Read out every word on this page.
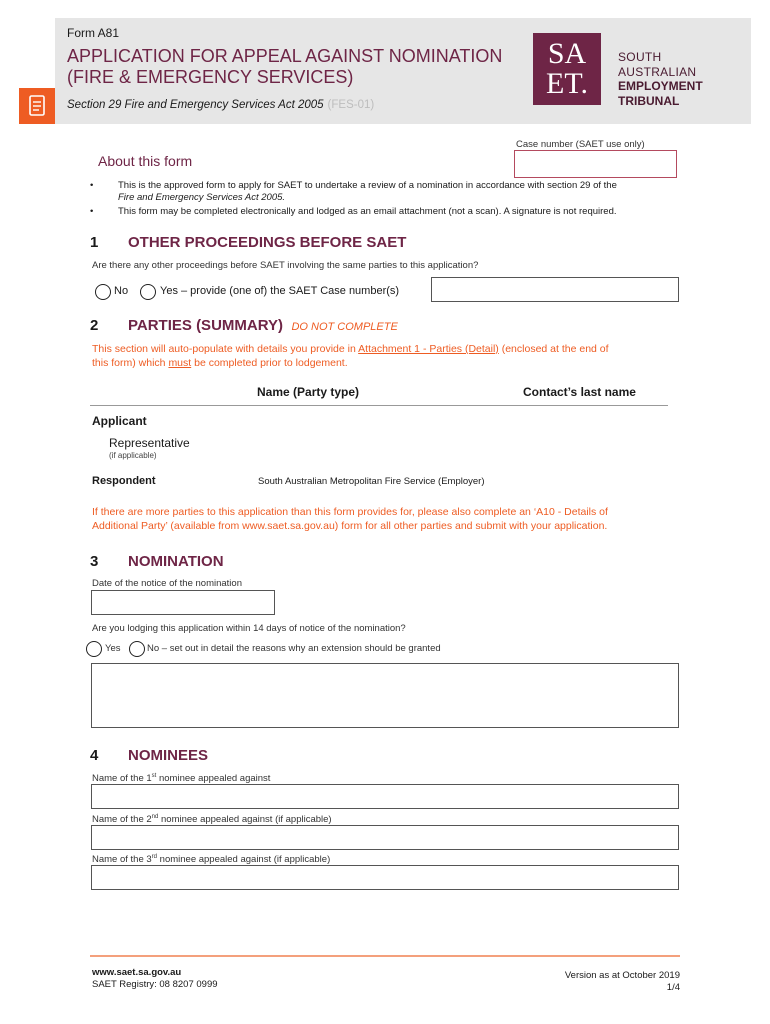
Form A81
APPLICATION FOR APPEAL AGAINST NOMINATION
(FIRE & EMERGENCY SERVICES)
Section 29 Fire and Emergency Services Act 2005 (FES-01)
SA
ET.
SOUTH
AUSTRALIAN
EMPLOYMENT
TRIBUNAL
Case number (SAET use only)
About this form
• This is the approved form to apply for SAET to undertake a review of a nomination in accordance with section 29 of the
Fire and Emergency Services Act 2005.
• This form may be completed electronically and lodged as an email attachment (not a scan). A signature is not required.
1 OTHER PROCEEDINGS BEFORE SAET
Are there any other proceedings before SAET involving the same parties to this application?
No	Yes – provide (one of) the SAET Case number(s)
2 PARTIES (SUMMARY) DO NOT COMPLETE
This section will auto-populate with details you provide in Attachment 1 - Parties (Detail) (enclosed at the end of
this form) which must be completed prior to lodgement.
Name (Party type)	Contact’s last name
Applicant
Representative
(if applicable)
Respondent	South Australian Metropolitan Fire Service (Employer)
If there are more parties to this application than this form provides for, please also complete an ‘A10 - Details of
Additional Party’ (available from www.saet.sa.gov.au) form for all other parties and submit with your application.
3 NOMINATION
Date of the notice of the nomination
Are you lodging this application within 14 days of notice of the nomination?
Yes	No – set out in detail the reasons why an extension should be granted
4 NOMINEES
Name of the 1st nominee appealed against
Name of the 2nd nominee appealed against (if applicable)
Name of the 3rd nominee appealed against (if applicable)
www.saet.sa.gov.au
SAET Registry: 08 8207 0999
Version as at October 2019
1/4
